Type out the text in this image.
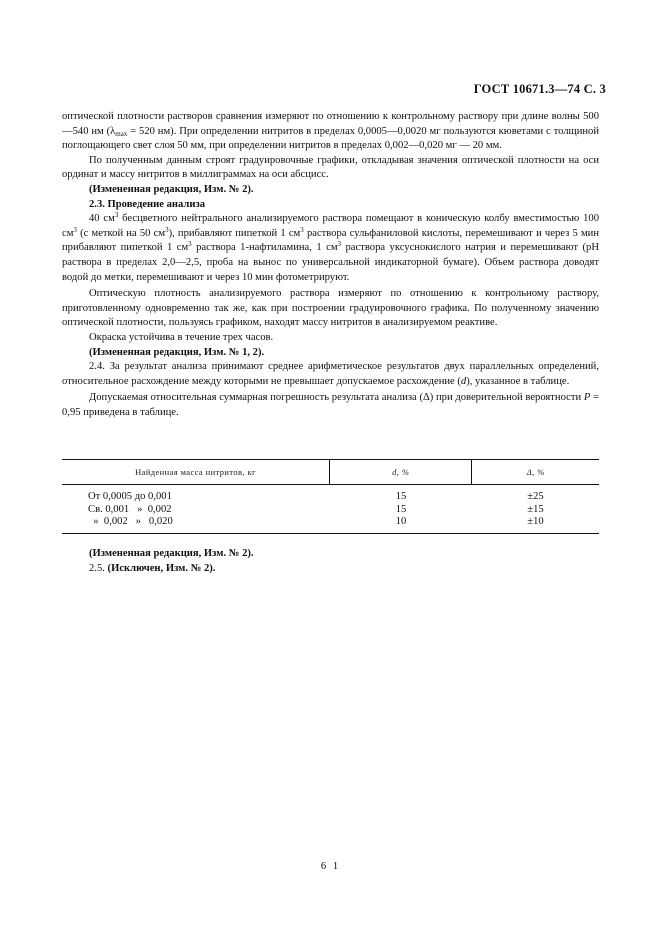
ГОСТ 10671.3—74 С. 3

оптической плотности растворов сравнения измеряют по отношению к контрольному раствору при длине волны 500—540 нм ($\lambda_{max} = 520$ нм). При определении нитритов в пределах 0,0005—0,0020 мг пользуются кюветами с толщиной поглощающего свет слоя 50 мм, при определении нитритов в пределах 0,002—0,020 мг — 20 мм.

По полученным данным строят градуировочные графики, откладывая значения оптической плотности на оси ординат и массу нитритов в миллиграммах на оси абсцисс.

(Измененная редакция, Изм. № 2).

2.3. Проведение анализа

40 $см^3$ бесцветного нейтрального анализируемого раствора помещают в коническую колбу вместимостью 100 $см^3$ (с меткой на 50 $см^3$), прибавляют пипеткой 1 $см^3$ раствора сульфаниловой кислоты, перемешивают и через 5 мин прибавляют пипеткой 1 $см^3$ раствора 1-нафтиламина, 1 $см^3$ раствора уксуснокислого натрия и перемешивают (pH раствора в пределах 2,0—2,5, проба на вынос по универсальной индикаторной бумаге). Объем раствора доводят водой до метки, перемешивают и через 10 мин фотометрируют.

Оптическую плотность анализируемого раствора измеряют по отношению к контрольному раствору, приготовленному одновременно так же, как при построении градуировочного графика. По полученному значению оптической плотности, пользуясь графиком, находят массу нитритов в анализируемом реактиве.

Окраска устойчива в течение трех часов.

(Измененная редакция, Изм. № 1, 2).

2.4. За результат анализа принимают среднее арифметическое результатов двух параллельных определений, относительное расхождение между которыми не превышает допускаемое расхождение (d), указанное в таблице.

Допускаемая относительная суммарная погрешность результата анализа (Δ) при доверительной вероятности P = 0,95 приведена в таблице.

Найденная масса нитритов, кг	d, %	Δ, %
От 0,0005 до 0,001	15	±25
Св. 0,001   »  0,002	15	±15
»  0,002   »   0,020	10	±10

(Измененная редакция, Изм. № 2).

2.5. (Исключен, Изм. № 2).

6 1
